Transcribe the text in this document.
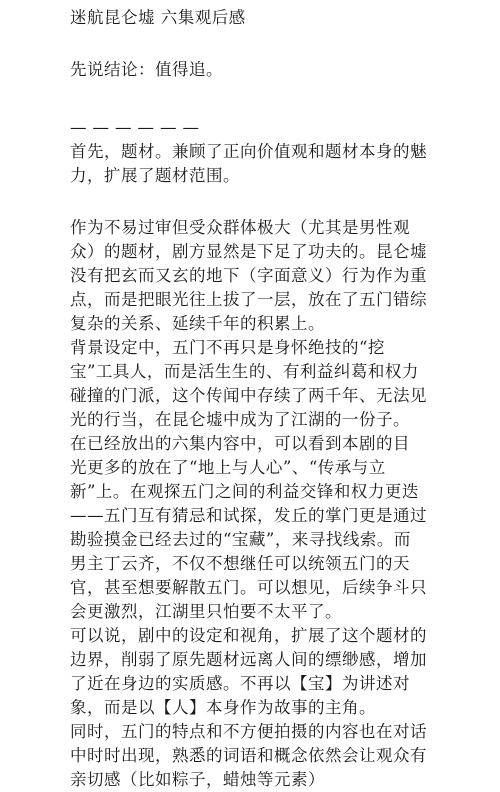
迷航昆仑墟 六集观后感
先说结论：值得追。
——————
首先，题材。兼顾了正向价值观和题材本身的魅
力，扩展了题材范围。
作为不易过审但受众群体极大（尤其是男性观
众）的题材，剧方显然是下足了功夫的。昆仑墟
没有把玄而又玄的地下（字面意义）行为作为重
点，而是把眼光往上拔了一层，放在了五门错综
复杂的关系、延续千年的积累上。
背景设定中，五门不再只是身怀绝技的“挖
宝”工具人，而是活生生的、有利益纠葛和权力
碰撞的门派，这个传闻中存续了两千年、无法见
光的行当，在昆仑墟中成为了江湖的一份子。
在已经放出的六集内容中，可以看到本剧的目
光更多的放在了“地上与人心”、“传承与立
新”上。在观探五门之间的利益交锋和权力更迭
——五门互有猜忌和试探，发丘的掌门更是通过
勘验摸金已经去过的“宝藏”，来寻找线索。而
男主丁云齐，不仅不想继任可以统领五门的天
官，甚至想要解散五门。可以想见，后续争斗只
会更激烈，江湖里只怕要不太平了。
可以说，剧中的设定和视角，扩展了这个题材的
边界，削弱了原先题材远离人间的缥缈感，增加
了近在身边的实质感。不再以【宝】为讲述对
象，而是以【人】本身作为故事的主角。
同时，五门的特点和不方便拍摄的内容也在对话
中时时出现，熟悉的词语和概念依然会让观众有
亲切感（比如粽子，蜡烛等元素）
